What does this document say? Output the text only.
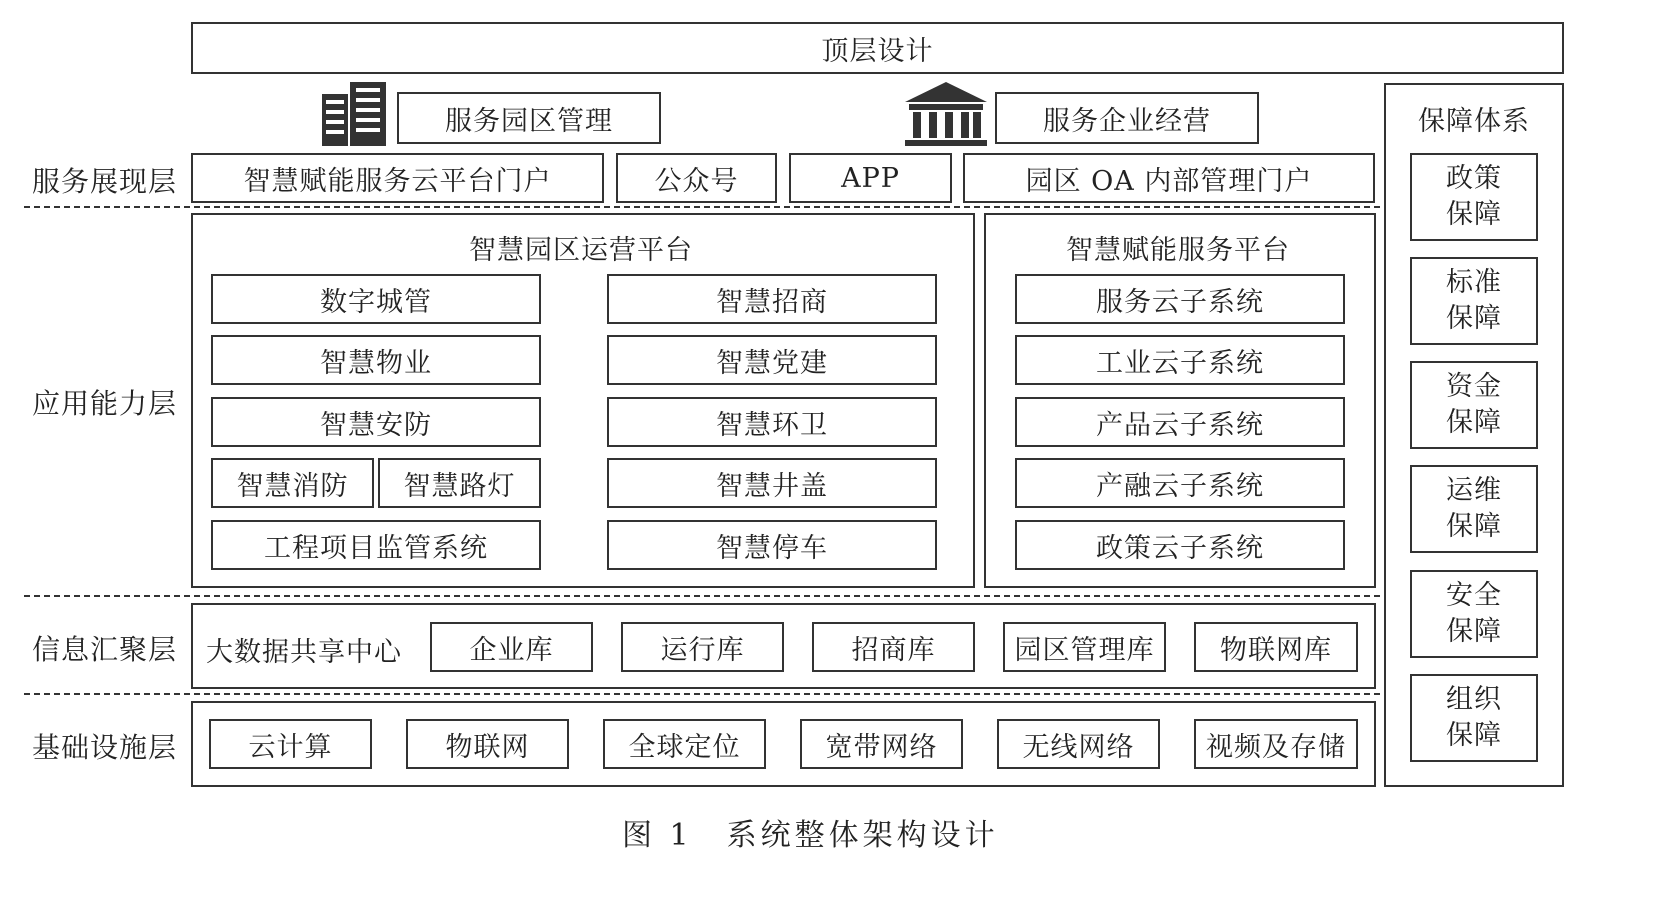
顶层设计
服务园区管理	服务企业经营
服务展现层
应用能力层
信息汇聚层
基础设施层
智慧赋能服务云平台门户	公众号	APP	园区 OA 内部管理门户
智慧园区运营平台
数字城管
智慧物业
智慧安防
智慧消防 智慧路灯
工程项目监管系统
智慧招商
智慧党建
智慧环卫
智慧井盖
智慧停车
智慧赋能服务平台
服务云子系统
工业云子系统
产品云子系统
产融云子系统
政策云子系统
大数据共享中心	企业库	运行库	招商库	园区管理库 物联网库
云计算	物联网	全球定位	宽带网络	无线网络	视频及存储
保障体系
政策
保障
标准
保障
资金
保障
运维
保障
安全
保障
组织
保障
图 1　系统整体架构设计
